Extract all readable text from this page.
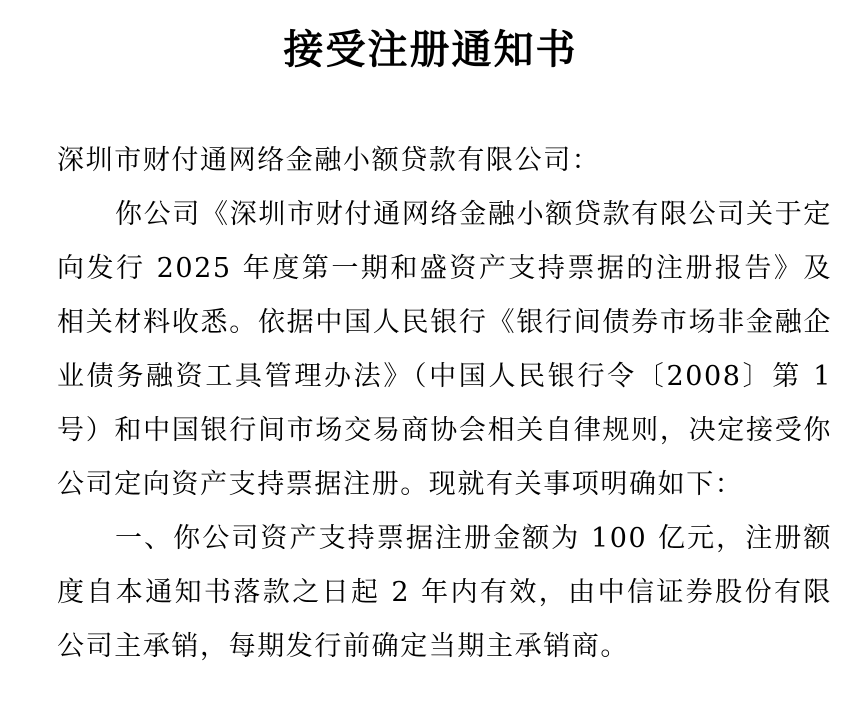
接受注册通知书

深圳市财付通网络金融小额贷款有限公司：

你公司《深圳市财付通网络金融小额贷款有限公司关于定向发行 2025 年度第一期和盛资产支持票据的注册报告》及相关材料收悉。依据中国人民银行《银行间债券市场非金融企业债务融资工具管理办法》（中国人民银行令〔2008〕第 1 号）和中国银行间市场交易商协会相关自律规则，决定接受你公司定向资产支持票据注册。现就有关事项明确如下：

一、你公司资产支持票据注册金额为 100 亿元，注册额度自本通知书落款之日起 2 年内有效，由中信证券股份有限公司主承销，每期发行前确定当期主承销商。
